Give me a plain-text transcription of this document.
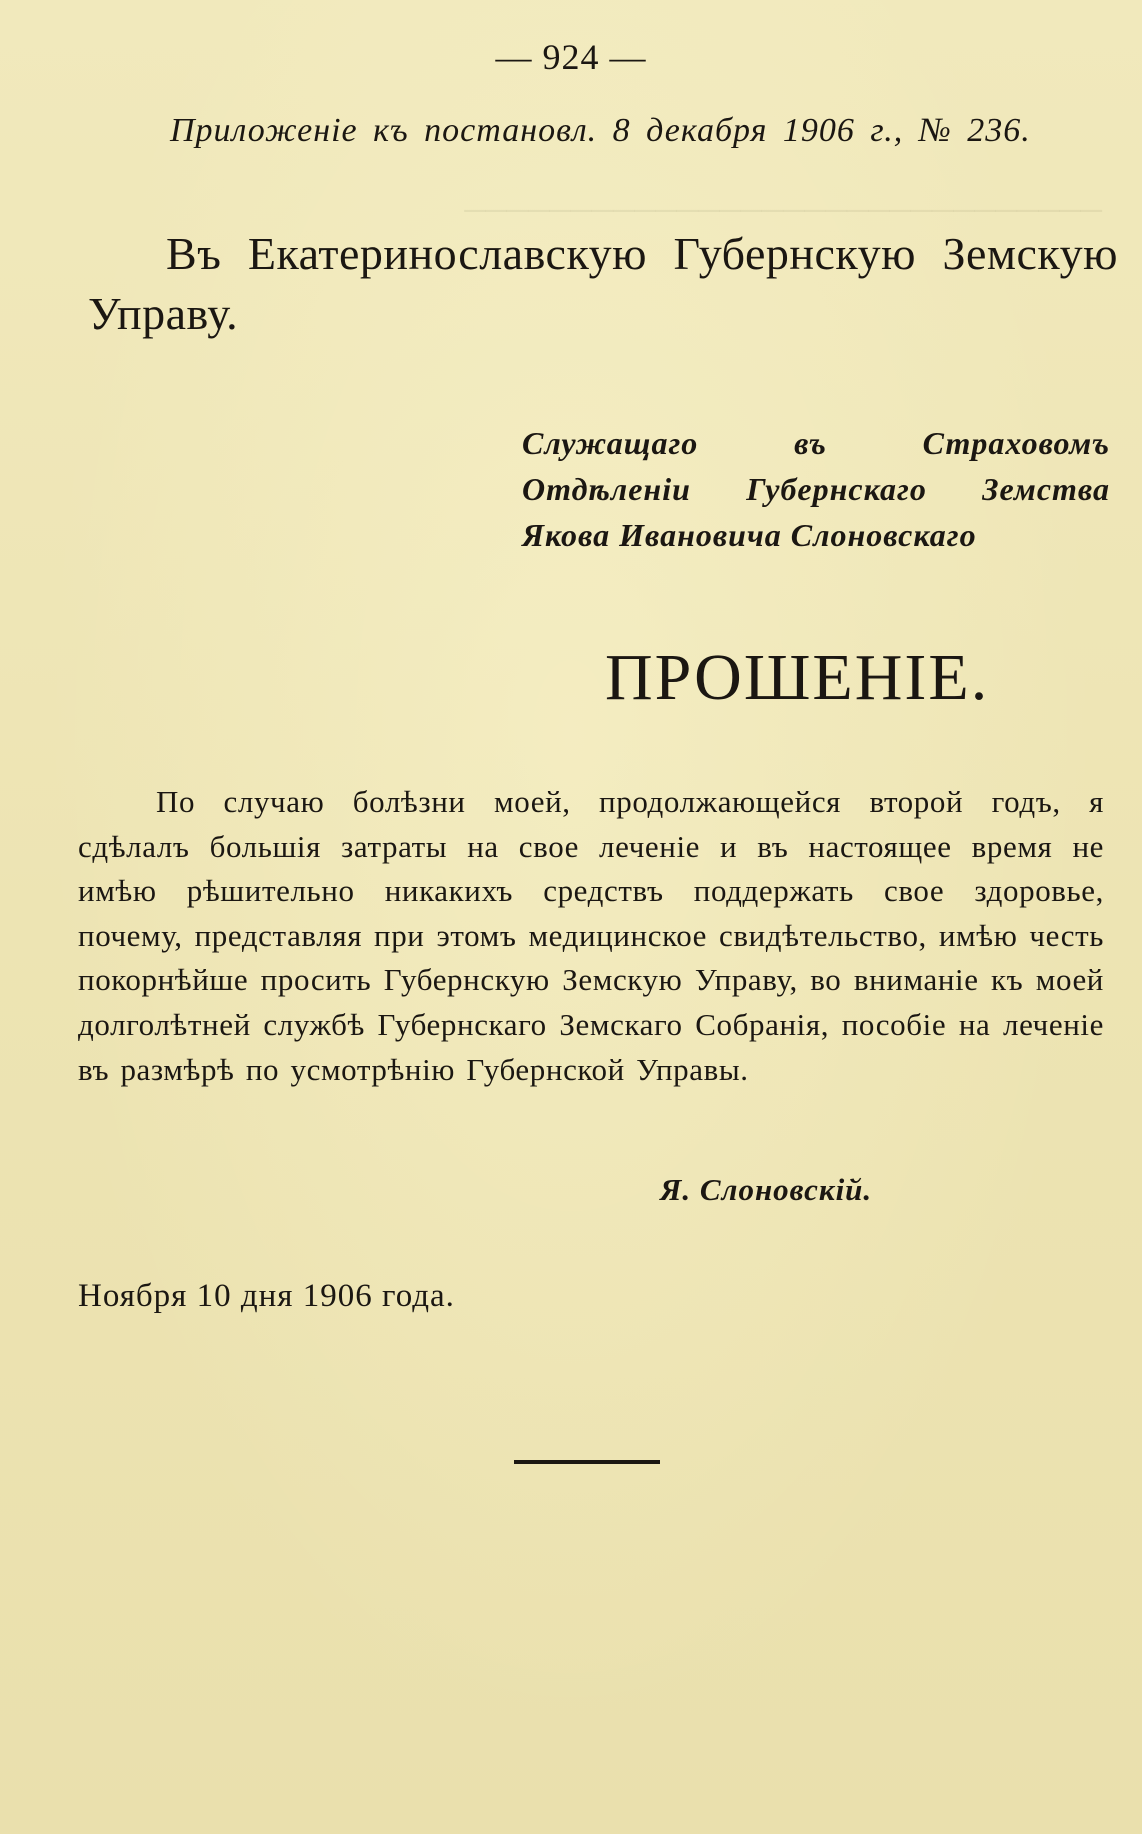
──────────────────────────────
— 924 —
Приложеніе къ постановл. 8 декабря 1906 г., № 236.
Въ Екатеринославскую Губернскую Земскую Управу.
Служащаго въ Страховомъ Отдѣленіи Губернскаго Земства Якова Ивановича Слоновскаго
ПРОШЕНІЕ.
По случаю болѣзни моей, продолжающейся второй годъ, я сдѣлалъ большія затраты на свое леченіе и въ настоящее время не имѣю рѣшительно никакихъ средствъ поддержать свое здоровье, почему, представляя при этомъ медицинское свидѣтельство, имѣю честь покорнѣйше просить Губернскую Земскую Управу, во вниманіе къ моей долголѣтней службѣ Губернскаго Земскаго Собранія, пособіе на леченіе въ размѣрѣ по усмотрѣнію Губернской Управы.
Я. Слоновскій.
Ноября 10 дня 1906 года.
